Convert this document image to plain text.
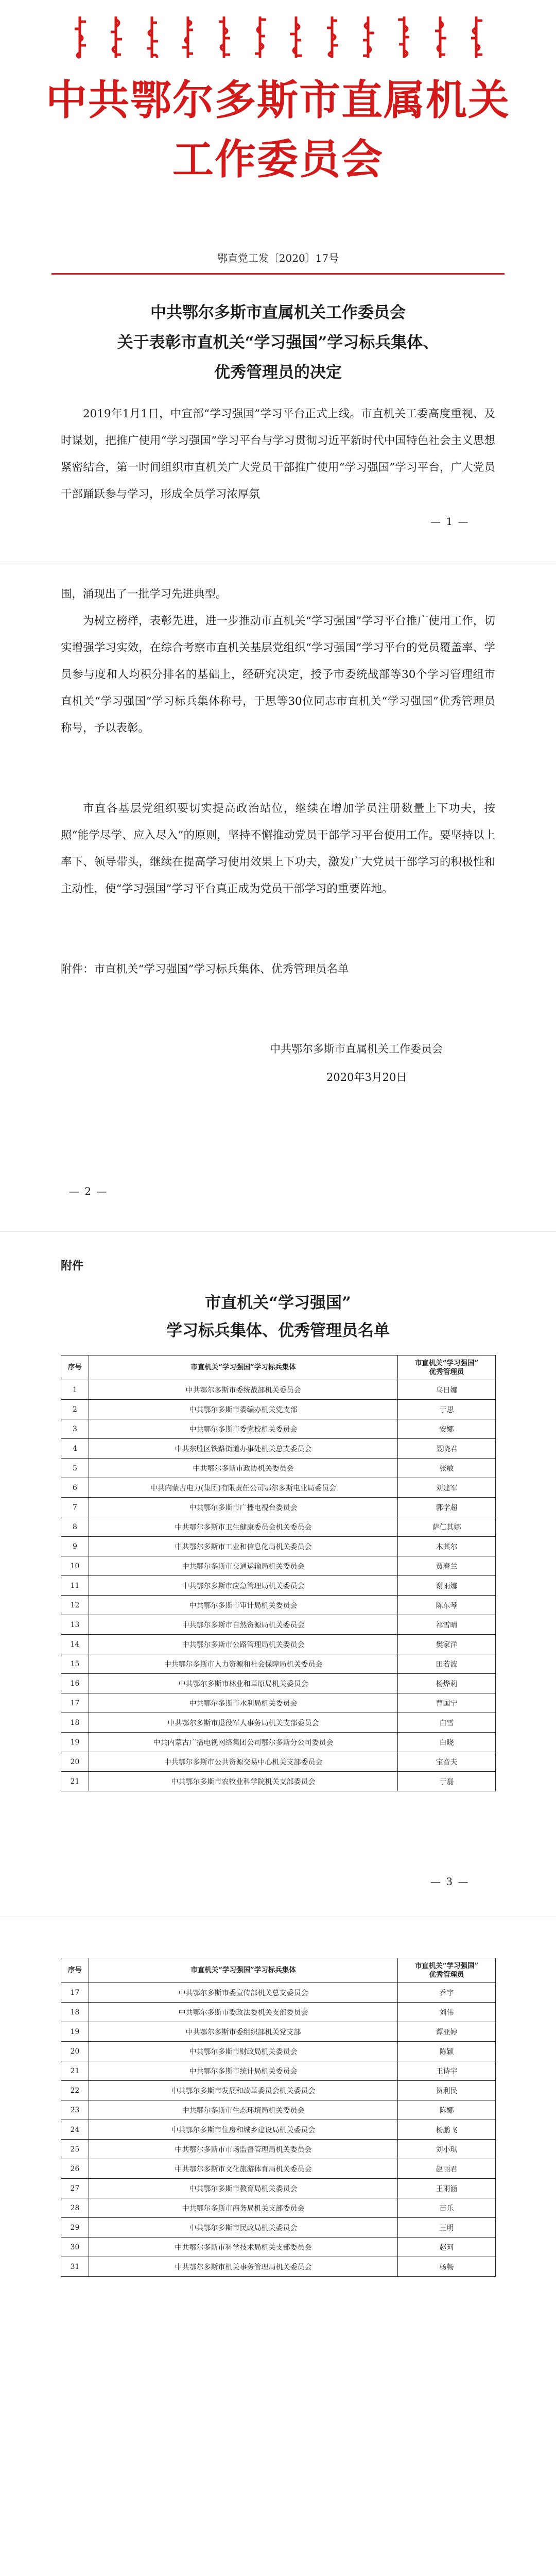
中共鄂尔多斯市直属机关工作委员会
鄂直党工发〔2020〕17号
中共鄂尔多斯市直属机关工作委员会
关于表彰市直机关“学习强国”学习标兵集体、
优秀管理员的决定
2019年1月1日，中宣部“学习强国”学习平台正式上线。市直机关工委高度重视、及时谋划，把推广使用“学习强国”学习平台与学习贯彻习近平新时代中国特色社会主义思想紧密结合，第一时间组织市直机关广大党员干部推广使用“学习强国”学习平台，广大党员干部踊跃参与学习，形成全员学习浓厚氛
— 1 —
围，涌现出了一批学习先进典型。
为树立榜样，表彰先进，进一步推动市直机关“学习强国”学习平台推广使用工作，切实增强学习实效，在综合考察市直机关基层党组织“学习强国”学习平台的党员覆盖率、学员参与度和人均积分排名的基础上，经研究决定，授予市委统战部等30个学习管理组市直机关“学习强国”学习标兵集体称号，于思等30位同志市直机关“学习强国”优秀管理员称号，予以表彰。
市直各基层党组织要切实提高政治站位，继续在增加学员注册数量上下功夫，按照“能学尽学、应入尽入”的原则，坚持不懈推动党员干部学习平台使用工作。要坚持以上率下、领导带头，继续在提高学习使用效果上下功夫，激发广大党员干部学习的积极性和主动性，使“学习强国”学习平台真正成为党员干部学习的重要阵地。
附件：市直机关“学习强国”学习标兵集体、优秀管理员名单
中共鄂尔多斯市直属机关工作委员会
2020年3月20日
— 2 —
附件
市直机关“学习强国”
学习标兵集体、优秀管理员名单
序号	市直机关“学习强国”学习标兵集体	市直机关“学习强国”
优秀管理员

1	中共鄂尔多斯市委统战部机关委员会	乌日娜
2	中共鄂尔多斯市委编办机关党支部	于思
3	中共鄂尔多斯市委党校机关委员会	安娜
4	中共东胜区铁路街道办事处机关总支委员会	聂晓君
5	中共鄂尔多斯市政协机关委员会	张敏
6	中共内蒙古电力(集团)有限责任公司鄂尔多斯电业局委员会	刘建军
7	中共鄂尔多斯市广播电视台委员会	郭学超
8	中共鄂尔多斯市卫生健康委员会机关委员会	萨仁其娜
9	中共鄂尔多斯市工业和信息化局机关委员会	木其尔
10	中共鄂尔多斯市交通运输局机关委员会	贾春兰
11	中共鄂尔多斯市应急管理局机关委员会	谢雨娜
12	中共鄂尔多斯市审计局机关委员会	陈东琴
13	中共鄂尔多斯市自然资源局机关委员会	祁雪晴
14	中共鄂尔多斯市公路管理局机关委员会	樊家洋
15	中共鄂尔多斯市人力资源和社会保障局机关委员会	田若波
16	中共鄂尔多斯市林业和草原局机关委员会	杨烨莉
17	中共鄂尔多斯市水利局机关委员会	曹国宁
18	中共鄂尔多斯市退役军人事务局机关支部委员会	白雪
19	中共内蒙古广播电视网络集团公司鄂尔多斯分公司委员会	白晓
20	中共鄂尔多斯市公共资源交易中心机关支部委员会	宝音夫
21	中共鄂尔多斯市农牧业科学院机关支部委员会	于磊
— 3 —
序号	市直机关“学习强国”学习标兵集体	市直机关“学习强国”
优秀管理员

17	中共鄂尔多斯市委宣传部机关总支委员会	乔宇
18	中共鄂尔多斯市委政法委机关支部委员会	刘伟
19	中共鄂尔多斯市委组织部机关党支部	谭亚婷
20	中共鄂尔多斯市财政局机关委员会	陈颖
21	中共鄂尔多斯市统计局机关委员会	王诗宇
22	中共鄂尔多斯市发展和改革委员会机关委员会	贺利民
23	中共鄂尔多斯市生态环境局机关委员会	陈娜
24	中共鄂尔多斯市住房和城乡建设局机关委员会	杨鹏飞
25	中共鄂尔多斯市市场监督管理局机关委员会	刘小琪
26	中共鄂尔多斯市文化旅游体育局机关委员会	赵丽君
27	中共鄂尔多斯市教育局机关委员会	王雨涵
28	中共鄂尔多斯市商务局机关支部委员会	苗乐
29	中共鄂尔多斯市民政局机关委员会	王明
30	中共鄂尔多斯市科学技术局机关支部委员会	赵珂
31	中共鄂尔多斯市机关事务管理局机关委员会	杨畅
